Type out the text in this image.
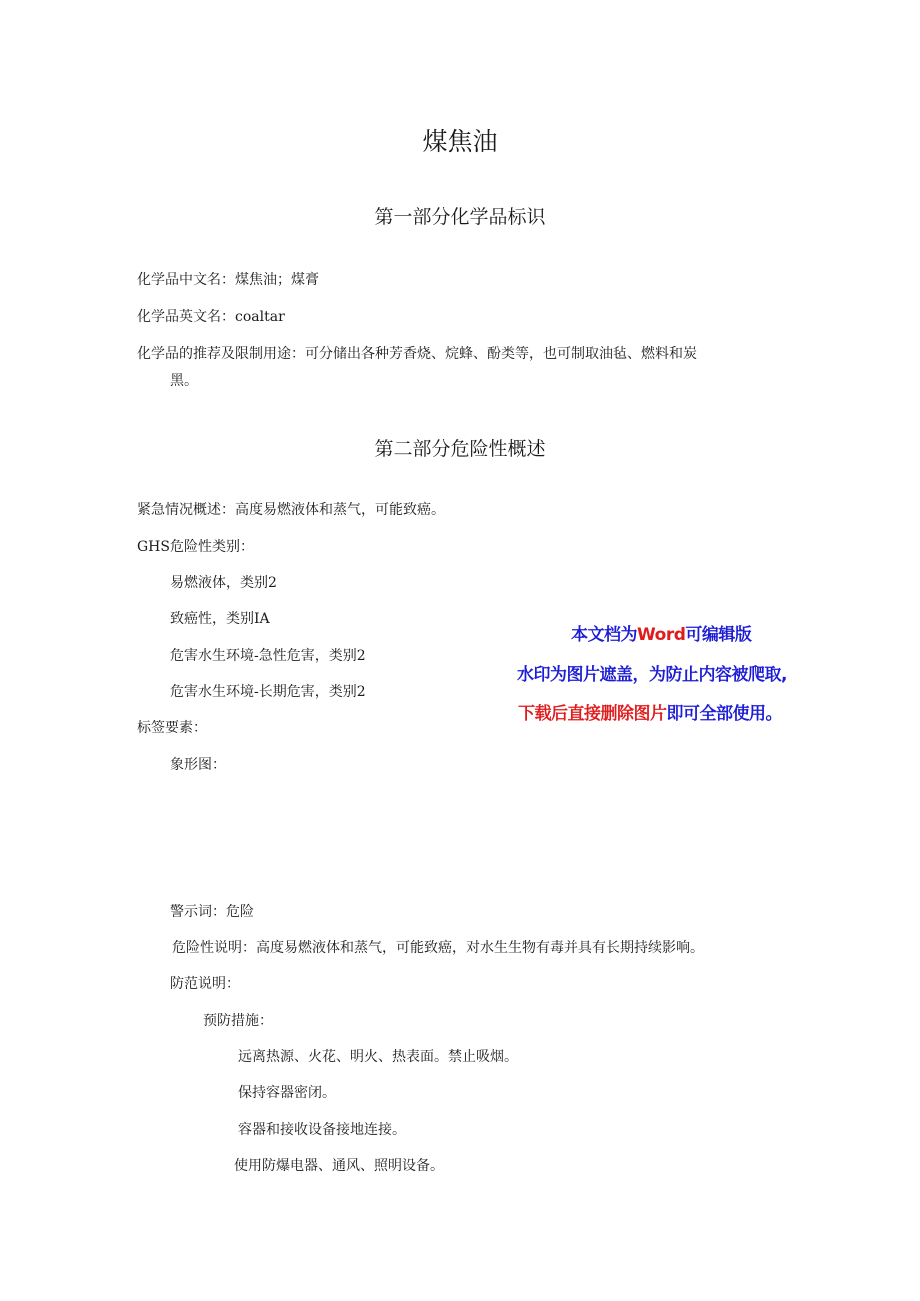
煤焦油
第一部分化学品标识
化学品中文名：煤焦油；煤膏
化学品英文名：coaltar
化学品的推荐及限制用途：可分储出各种芳香烧、烷蜂、酚类等，也可制取油毡、燃料和炭
黑。
第二部分危险性概述
紧急情况概述：高度易燃液体和蒸气，可能致癌。
GHS危险性类别：
易燃液体，类别2
致癌性，类别IA
危害水生环境-急性危害，类别2
危害水生环境-长期危害，类别2
标签要素：
象形图：
警示词：危险
危险性说明：高度易燃液体和蒸气，可能致癌，对水生生物有毒并具有长期持续影响。
防范说明：
预防措施：
远离热源、火花、明火、热表面。禁止吸烟。
保持容器密闭。
容器和接收设备接地连接。
使用防爆电器、通风、照明设备。
本文档为Word可编辑版
水印为图片遮盖，为防止内容被爬取,
下载后直接删除图片即可全部使用。
